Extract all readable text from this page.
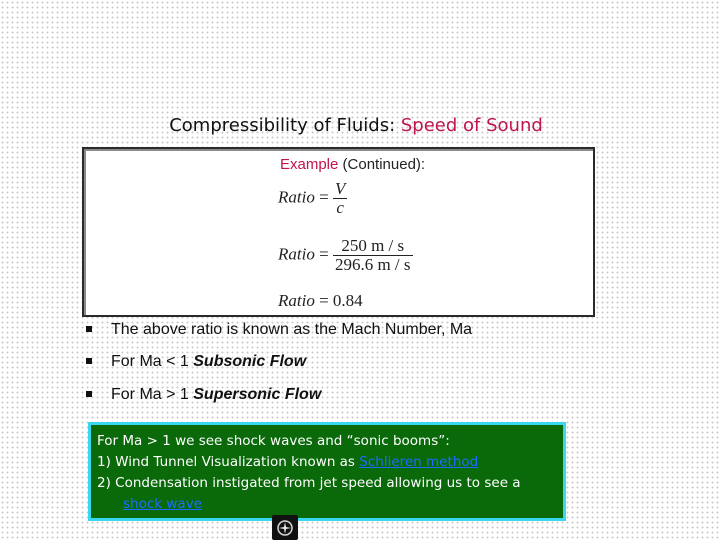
Compressibility of Fluids: Speed of Sound
Example (Continued):
Ratio = $\frac{V}{c}$
Ratio = $\frac{250 m / s}{296.6 m / s}$
Ratio = 0.84
The above ratio is known as the Mach Number, Ma
For Ma < 1 Subsonic Flow
For Ma > 1 Supersonic Flow
For Ma > 1 we see shock waves and “sonic booms”:
1) Wind Tunnel Visualization known as Schlieren method
2) Condensation instigated from jet speed allowing us to see a
shock wave
